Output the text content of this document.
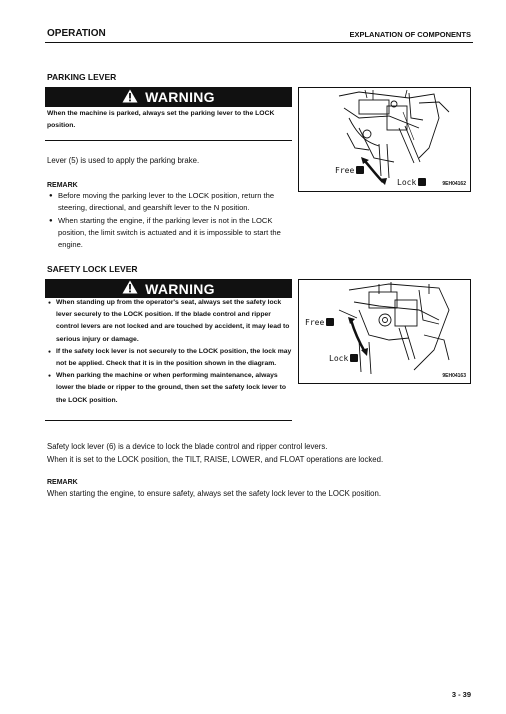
OPERATION	EXPLANATION OF COMPONENTS
PARKING LEVER
WARNING
When the machine is parked, always set the parking lever to the LOCK
position.
Free
Lock	9EH04162
Lever (5) is used to apply the parking brake.
REMARK
● Before moving the parking lever to the LOCK position, return the steering, directional, and gearshift lever to the N position.
● When starting the engine, if the parking lever is not in the LOCK position, the limit switch is actuated and it is impossible to start the engine.
SAFETY LOCK LEVER
WARNING
● When standing up from the operator's seat, always set the safety lock lever securely to the LOCK position. If the blade control and ripper control levers are not locked and are touched by accident, it may lead to serious injury or damage.
● If the safety lock lever is not securely to the LOCK position, the lock may not be applied. Check that it is in the position shown in the diagram.
● When parking the machine or when performing maintenance, always lower the blade or ripper to the ground, then set the safety lock lever to the LOCK position.
Free
Lock
9EH04163
Safety lock lever (6) is a device to lock the blade control and ripper control levers.
When it is set to the LOCK position, the TILT, RAISE, LOWER, and FLOAT operations are locked.
REMARK
When starting the engine, to ensure safety, always set the safety lock lever to the LOCK position.
3 - 39
